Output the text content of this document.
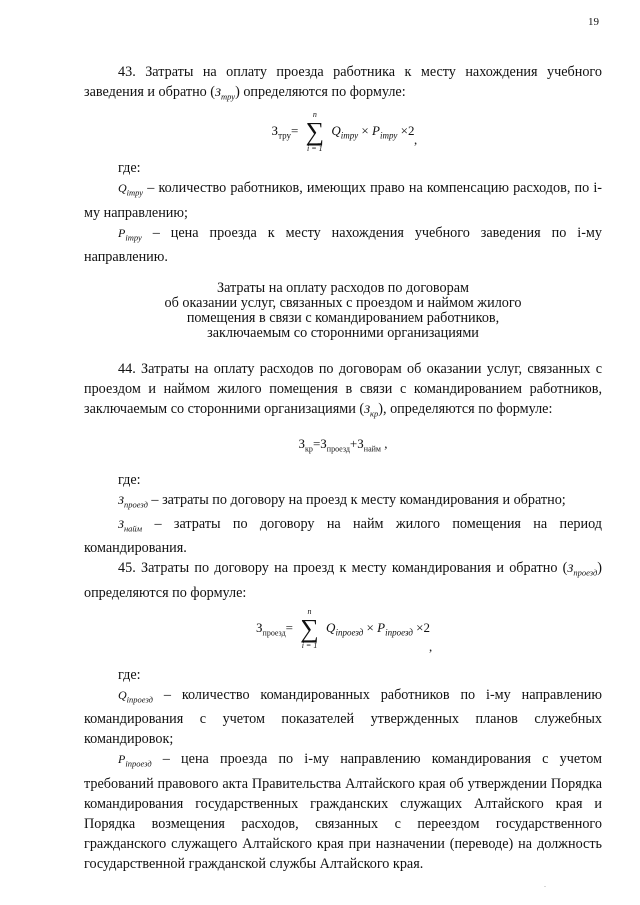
19

43. Затраты на оплату проезда работника к месту нахождения учебного заведения и обратно $(З_{тру})$ определяются по формуле:

$З_{тру}=$
n
∑
i = 1
$Q_{iтру} \times P_{iтру} \times 2$
,

где:

$Q_{iтру}$ – количество работников, имеющих право на компенсацию расходов, по i-му направлению;

$P_{iтру}$ – цена проезда к месту нахождения учебного заведения по i-му направлению.

Затраты на оплату расходов по договорам
об оказании услуг, связанных с проездом и наймом жилого
помещения в связи с командированием работников,
заключаемым со сторонними организациями

44. Затраты на оплату расходов по договорам об оказании услуг, связанных с проездом и наймом жилого помещения в связи с командированием работников, заключаемым со сторонними организациями $(З_{кр})$, определяются по формуле:

$З_{кр}=З_{проезд}+З_{найм}$ ,

где:

$З_{проезд}$ – затраты по договору на проезд к месту командирования и обратно;

$З_{найм}$ – затраты по договору на найм жилого помещения на период командирования.

45. Затраты по договору на проезд к месту командирования и обратно $(З_{проезд})$ определяются по формуле:

$З_{проезд}=$
n
∑
i = 1
$Q_{iпроезд} \times P_{iпроезд} \times 2$
,

где:

$Q_{iпроезд}$ – количество командированных работников по i-му направлению командирования с учетом показателей утвержденных планов служебных командировок;

$P_{iпроезд}$ – цена проезда по i-му направлению командирования с учетом требований правового акта Правительства Алтайского края об утверждении Порядка командирования государственных гражданских служащих Алтайского края и Порядка возмещения расходов, связанных с переездом государственного гражданского служащего Алтайского края при назначении (переводе) на должность государственной гражданской службы Алтайского края.

.
